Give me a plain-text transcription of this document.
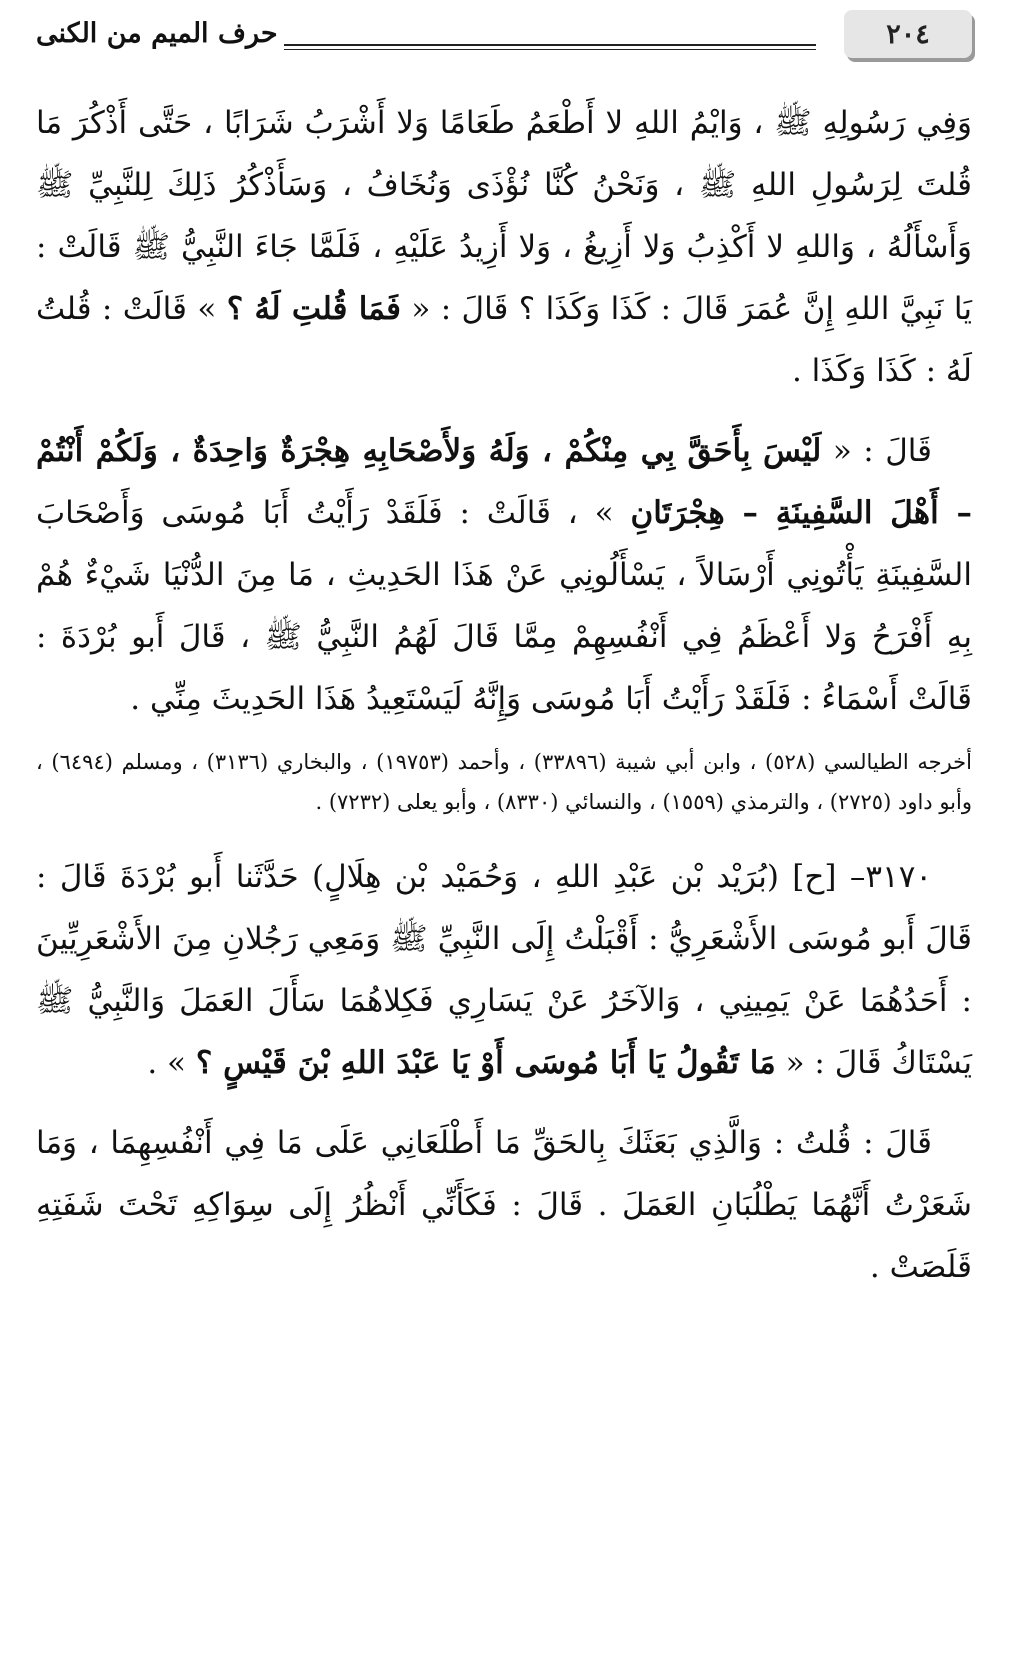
٢٠٤
حرف الميم من الكنى

وَفِي رَسُولِهِ ﷺ ، وَايْمُ اللهِ لا أَطْعَمُ طَعَامًا وَلا أَشْرَبُ شَرَابًا ، حَتَّى أَذْكُرَ مَا قُلتَ لِرَسُولِ اللهِ ﷺ ، وَنَحْنُ كُنَّا نُؤْذَى وَنُخَافُ ، وَسَأَذْكُرُ ذَلِكَ لِلنَّبِيِّ ﷺ وَأَسْأَلُهُ ، وَاللهِ لا أَكْذِبُ وَلا أَزِيغُ ، وَلا أَزِيدُ عَلَيْهِ ، فَلَمَّا جَاءَ النَّبِيُّ ﷺ قَالَتْ : يَا نَبِيَّ اللهِ إِنَّ عُمَرَ قَالَ : كَذَا وَكَذَا ؟ قَالَ : « فَمَا قُلتِ لَهُ ؟ » قَالَتْ : قُلتُ لَهُ : كَذَا وَكَذَا .

قَالَ : « لَيْسَ بِأَحَقَّ بِي مِنْكُمْ ، وَلَهُ وَلأَصْحَابِهِ هِجْرَةٌ وَاحِدَةٌ ، وَلَكُمْ أَنْتُمْ – أَهْلَ السَّفِينَةِ – هِجْرَتَانِ » ، قَالَتْ : فَلَقَدْ رَأَيْتُ أَبَا مُوسَى وَأَصْحَابَ السَّفِينَةِ يَأْتُونِي أَرْسَالاً ، يَسْأَلُونِي عَنْ هَذَا الحَدِيثِ ، مَا مِنَ الدُّنْيَا شَيْءٌ هُمْ بِهِ أَفْرَحُ وَلا أَعْظَمُ فِي أَنْفُسِهِمْ مِمَّا قَالَ لَهُمُ النَّبِيُّ ﷺ ، قَالَ أَبو بُرْدَةَ : قَالَتْ أَسْمَاءُ : فَلَقَدْ رَأَيْتُ أَبَا مُوسَى وَإِنَّهُ لَيَسْتَعِيدُ هَذَا الحَدِيثَ مِنِّي .

أخرجه الطيالسي (٥٢٨) ، وابن أبي شيبة (٣٣٨٩٦) ، وأحمد (١٩٧٥٣) ، والبخاري (٣١٣٦) ، ومسلم (٦٤٩٤) ، وأبو داود (٢٧٢٥) ، والترمذي (١٥٥٩) ، والنسائي (٨٣٣٠) ، وأبو يعلى (٧٢٣٢) .

٣١٧٠– [ح] (بُرَيْد بْن عَبْدِ اللهِ ، وَحُمَيْد بْن هِلَالٍ) حَدَّثَنا أَبو بُرْدَةَ قَالَ : قَالَ أَبو مُوسَى الأَشْعَرِيُّ : أَقْبَلْتُ إِلَى النَّبِيِّ ﷺ وَمَعِي رَجُلانِ مِنَ الأَشْعَرِيِّينَ : أَحَدُهُمَا عَنْ يَمِينِي ، وَالآخَرُ عَنْ يَسَارِي فَكِلاهُمَا سَأَلَ العَمَلَ وَالنَّبِيُّ ﷺ يَسْتَاكُ قَالَ : « مَا تَقُولُ يَا أَبَا مُوسَى أَوْ يَا عَبْدَ اللهِ بْنَ قَيْسٍ ؟ » .

قَالَ : قُلتُ : وَالَّذِي بَعَثَكَ بِالحَقِّ مَا أَطْلَعَانِي عَلَى مَا فِي أَنْفُسِهِمَا ، وَمَا شَعَرْتُ أَنَّهُمَا يَطْلُبَانِ العَمَلَ . قَالَ : فَكَأَنِّي أَنْظُرُ إِلَى سِوَاكِهِ تَحْتَ شَفَتِهِ قَلَصَتْ .
